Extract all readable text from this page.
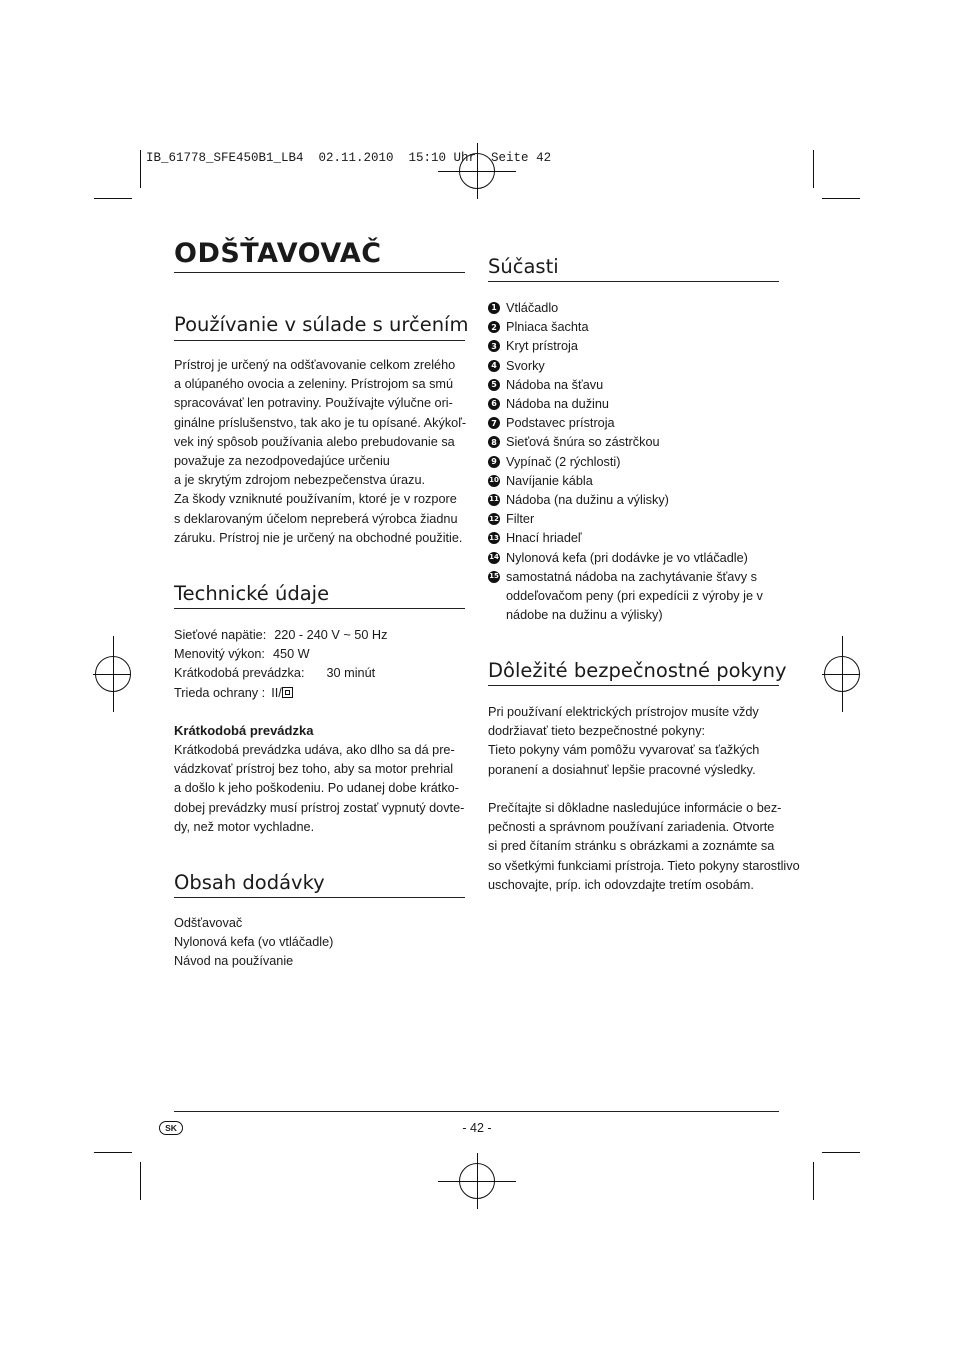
IB_61778_SFE450B1_LB4  02.11.2010  15:10 Uhr  Seite 42
ODŠŤAVOVAČ
Používanie v súlade s určením
Prístroj je určený na odšťavovanie celkom zrelého
a olúpaného ovocia a zeleniny. Prístrojom sa smú
spracovávať len potraviny. Používajte výlučne ori-
ginálne príslušenstvo, tak ako je tu opísané. Akýkoľ-
vek iný spôsob používania alebo prebudovanie sa
považuje za nezodpovedajúce určeniu
a je skrytým zdrojom nebezpečenstva úrazu.
Za škody vzniknuté používaním, ktoré je v rozpore
s deklarovaným účelom nepreberá výrobca žiadnu
záruku. Prístroj nie je určený na obchodné použitie.
Technické údaje
Sieťové napätie: 220 - 240 V ~ 50 Hz
Menovitý výkon: 450 W
Krátkodobá prevádzka: 30 minút
Trieda ochrany : II/
Krátkodobá prevádzka
Krátkodobá prevádzka udáva, ako dlho sa dá pre-
vádzkovať prístroj bez toho, aby sa motor prehrial
a došlo k jeho poškodeniu. Po udanej dobe krátko-
dobej prevádzky musí prístroj zostať vypnutý dovte-
dy, než motor vychladne.
Obsah dodávky
Odšťavovač
Nylonová kefa (vo vtláčadle)
Návod na používanie
Súčasti
1 Vtláčadlo
2 Plniaca šachta
3 Kryt prístroja
4 Svorky
5 Nádoba na šťavu
6 Nádoba na dužinu
7 Podstavec prístroja
8 Sieťová šnúra so zástrčkou
9 Vypínač (2 rýchlosti)
10 Navíjanie kábla
11 Nádoba (na dužinu a výlisky)
12 Filter
13 Hnací hriadeľ
14 Nylonová kefa (pri dodávke je vo vtláčadle)
15 samostatná nádoba na zachytávanie šťavy s
oddeľovačom peny (pri expedícii z výroby je v
nádobe na dužinu a výlisky)
Dôležité bezpečnostné pokyny
Pri používaní elektrických prístrojov musíte vždy
dodržiavať tieto bezpečnostné pokyny:
Tieto pokyny vám pomôžu vyvarovať sa ťažkých
poranení a dosiahnuť lepšie pracovné výsledky.
Prečítajte si dôkladne nasledujúce informácie o bez-
pečnosti a správnom používaní zariadenia. Otvorte
si pred čítaním stránku s obrázkami a zoznámte sa
so všetkými funkciami prístroja. Tieto pokyny starostlivo
uschovajte, príp. ich odovzdajte tretím osobám.
SK	- 42 -
